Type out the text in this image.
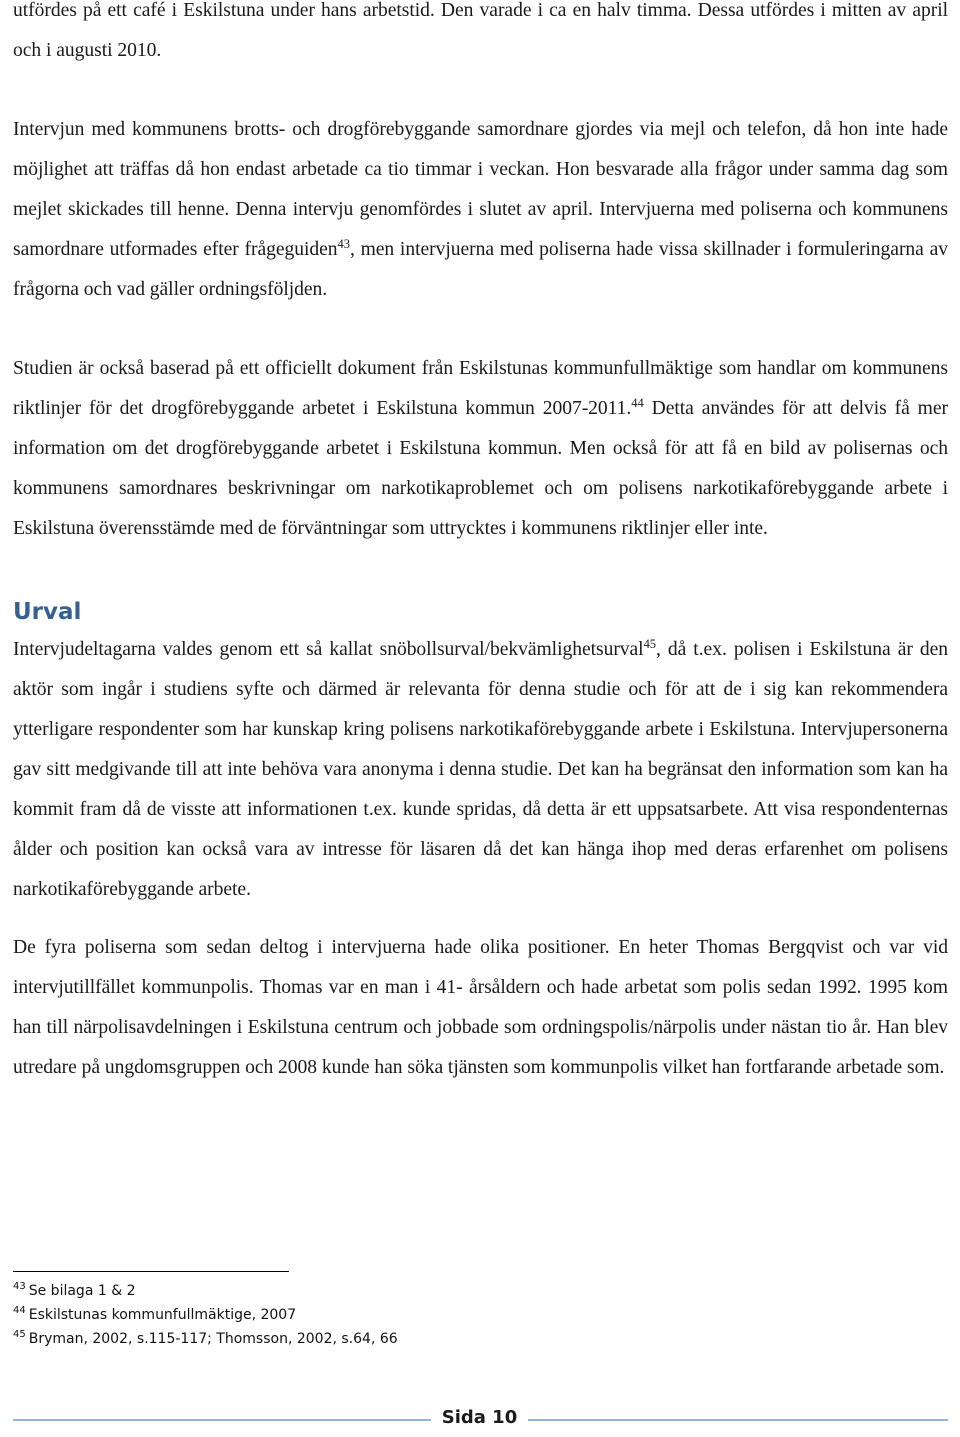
utfördes på ett café i Eskilstuna under hans arbetstid. Den varade i ca en halv timma. Dessa utfördes i mitten av april och i augusti 2010.

Intervjun med kommunens brotts- och drogförebyggande samordnare gjordes via mejl och telefon, då hon inte hade möjlighet att träffas då hon endast arbetade ca tio timmar i veckan. Hon besvarade alla frågor under samma dag som mejlet skickades till henne. Denna intervju genomfördes i slutet av april. Intervjuerna med poliserna och kommunens samordnare utformades efter frågeguiden$^{43}$, men intervjuerna med poliserna hade vissa skillnader i formuleringarna av frågorna och vad gäller ordningsföljden.

Studien är också baserad på ett officiellt dokument från Eskilstunas kommunfullmäktige som handlar om kommunens riktlinjer för det drogförebyggande arbetet i Eskilstuna kommun 2007-2011.44 Detta användes för att delvis få mer information om det drogförebyggande arbetet i Eskilstuna kommun. Men också för att få en bild av polisernas och kommunens samordnares beskrivningar om narkotikaproblemet och om polisens narkotikaförebyggande arbete i Eskilstuna överensstämde med de förväntningar som uttrycktes i kommunens riktlinjer eller inte.

Urval

Intervjudeltagarna valdes genom ett så kallat snöbollsurval/bekvämlighetsurval$^{45}$, då t.ex. polisen i Eskilstuna är den aktör som ingår i studiens syfte och därmed är relevanta för denna studie och för att de i sig kan rekommendera ytterligare respondenter som har kunskap kring polisens narkotikaförebyggande arbete i Eskilstuna. Intervjupersonerna gav sitt medgivande till att inte behöva vara anonyma i denna studie. Det kan ha begränsat den information som kan ha kommit fram då de visste att informationen t.ex. kunde spridas, då detta är ett uppsatsarbete. Att visa respondenternas ålder och position kan också vara av intresse för läsaren då det kan hänga ihop med deras erfarenhet om polisens narkotikaförebyggande arbete.

De fyra poliserna som sedan deltog i intervjuerna hade olika positioner. En heter Thomas Bergqvist och var vid intervjutillfället kommunpolis. Thomas var en man i 41- årsåldern och hade arbetat som polis sedan 1992. 1995 kom han till närpolisavdelningen i Eskilstuna centrum och jobbade som ordningspolis/närpolis under nästan tio år. Han blev utredare på ungdomsgruppen och 2008 kunde han söka tjänsten som kommunpolis vilket han fortfarande arbetade som.

$^{43}$ Se bilaga 1 & 2
$^{44}$ Eskilstunas kommunfullmäktige, 2007
$^{45}$ Bryman, 2002, s.115-117; Thomsson, 2002, s.64, 66
Sida 10
